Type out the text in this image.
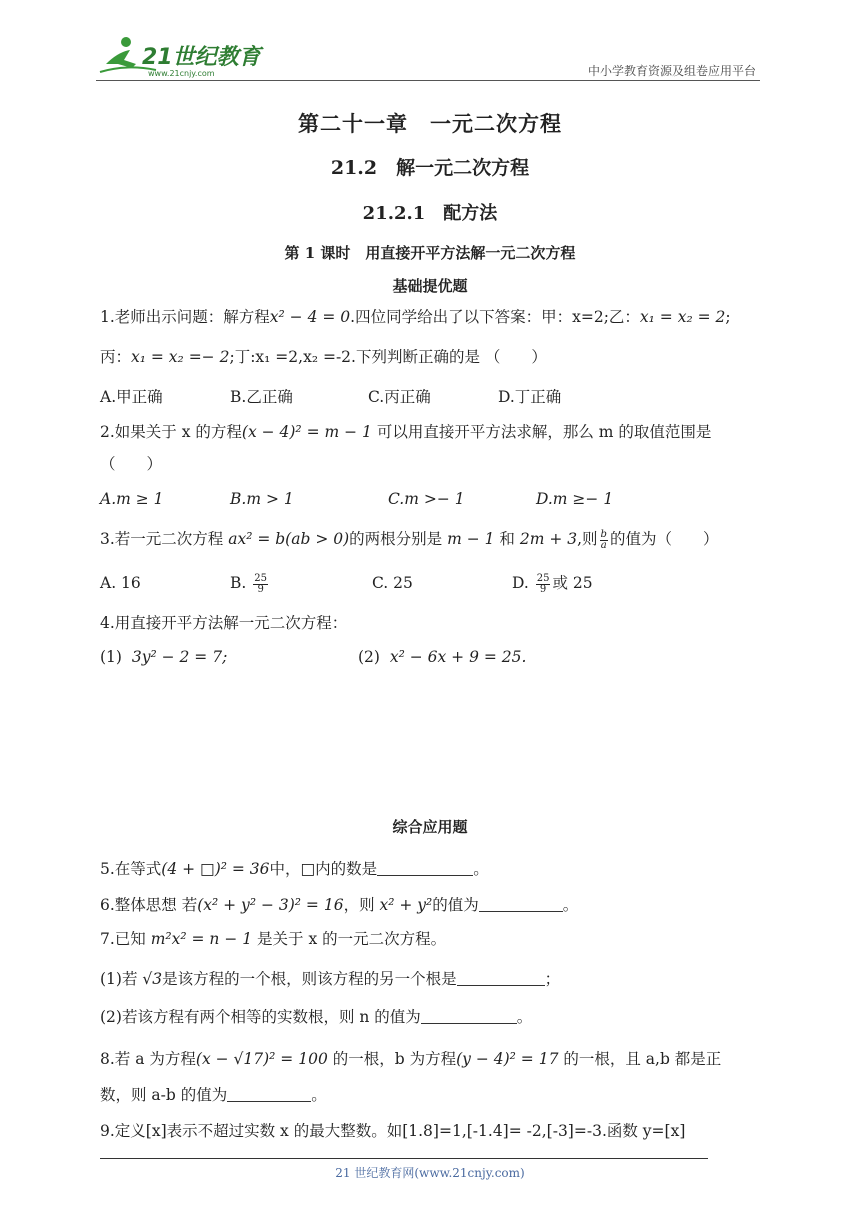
21世纪教育
www.21cnjy.com	中小学教育资源及组卷应用平台
第二十一章　一元二次方程
21.2　解一元二次方程
21.2.1　配方法
第 1 课时　用直接开平方法解一元二次方程
基础提优题
1.老师出示问题：解方程x² − 4 = 0.四位同学给出了以下答案：甲：x=2;乙：x₁ = x₂ = 2;
丙：x₁ = x₂ =− 2;丁:x₁ =2,x₂ =-2.下列判断正确的是 （　　）
A.甲正确	B.乙正确	C.丙正确	D.丁正确
2.如果关于 x 的方程(x − 4)² = m − 1 可以用直接开平方法求解，那么 m 的取值范围是
（　　）
A.m ≥ 1	B.m > 1	C.m >− 1	D.m ≥− 1
3.若一元二次方程 ax² = b(ab > 0)的两根分别是 m − 1 和 2m + 3,则 $\frac{b}{a}$ 的值为（　　）
A. 16	B. $\frac{25}{9}$	C. 25	D. $\frac{25}{9}$ 或 25
4.用直接开平方法解一元二次方程：
(1) 3y² − 2 = 7;	(2) x² − 6x + 9 = 25.
综合应用题
5.在等式(4 + □)² = 36中，□内的数是	。
6.整体思想 若(x² + y² − 3)² = 16，则 x² + y²的值为	。
7.已知 m²x² = n − 1 是关于 x 的一元二次方程。
(1)若 √3是该方程的一个根，则该方程的另一个根是	；
(2)若该方程有两个相等的实数根，则 n 的值为	。
8.若 a 为方程(x − √17)² = 100 的一根，b 为方程(y − 4)² = 17 的一根，且 a,b 都是正
数，则 a-b 的值为	。
9.定义[x]表示不超过实数 x 的最大整数。如[1.8]=1,[-1.4]= -2,[-3]=-3.函数 y=[x]
21 世纪教育网(www.21cnjy.com)
